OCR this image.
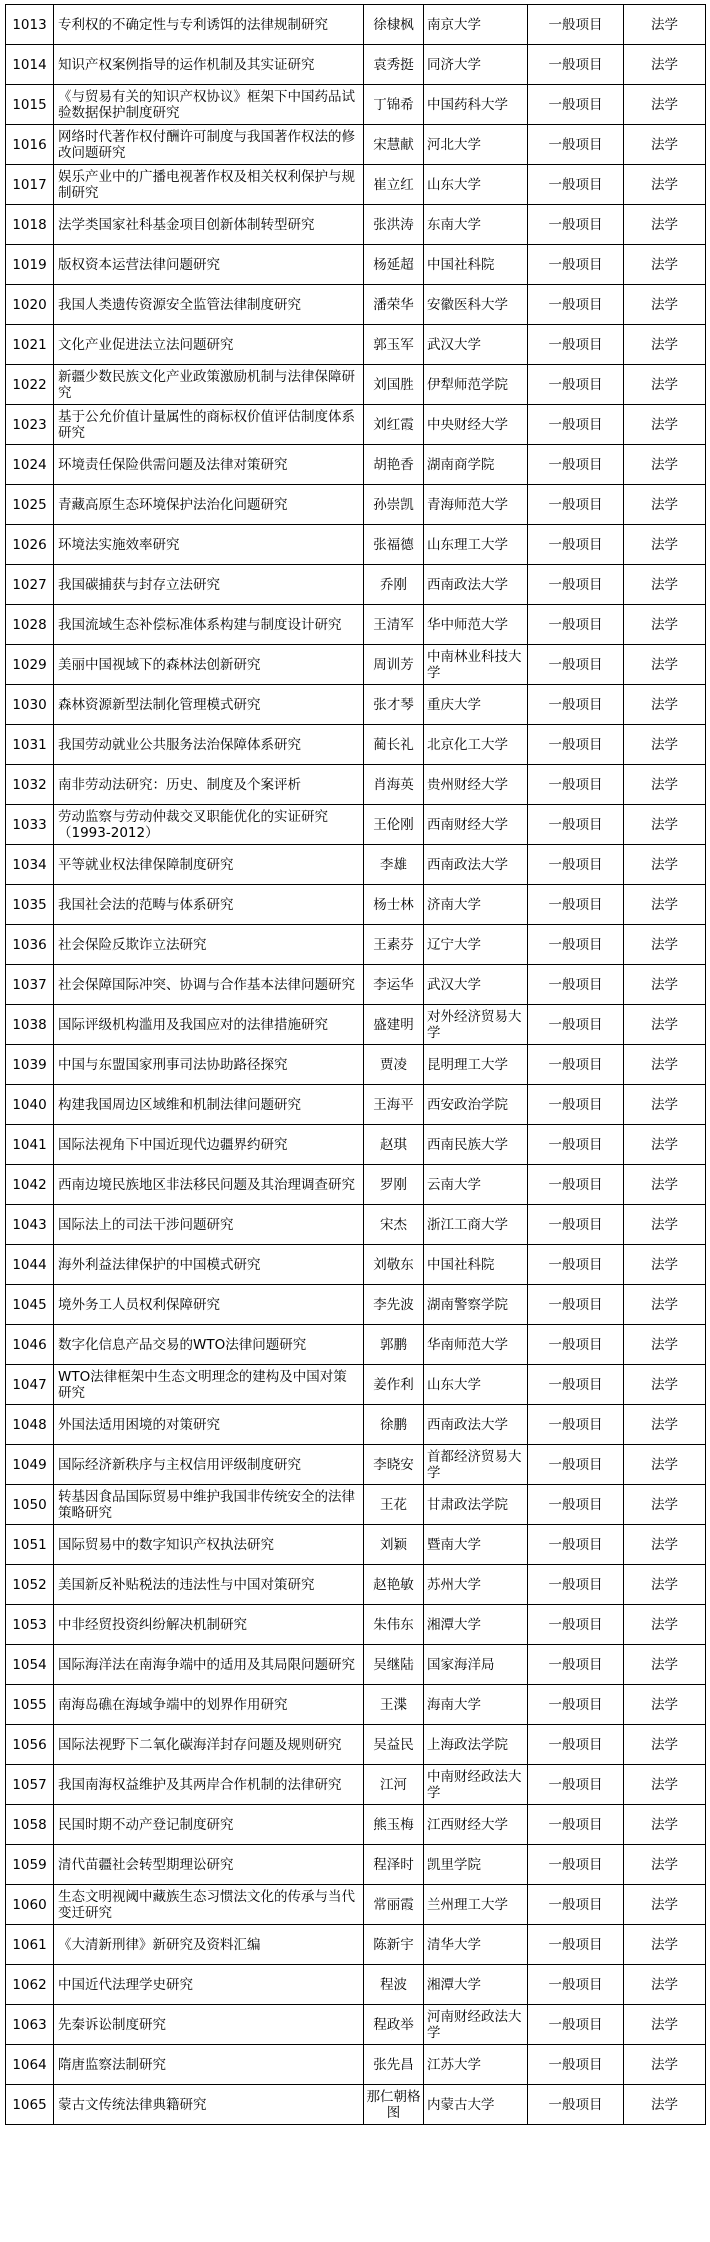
1013	专利权的不确定性与专利诱饵的法律规制研究	徐棣枫	南京大学	一般项目	法学
1014	知识产权案例指导的运作机制及其实证研究	袁秀挺	同济大学	一般项目	法学
1015	《与贸易有关的知识产权协议》框架下中国药品试验数据保护制度研究	丁锦希	中国药科大学	一般项目	法学
1016	网络时代著作权付酬许可制度与我国著作权法的修改问题研究	宋慧献	河北大学	一般项目	法学
1017	娱乐产业中的广播电视著作权及相关权利保护与规制研究	崔立红	山东大学	一般项目	法学
1018	法学类国家社科基金项目创新体制转型研究	张洪涛	东南大学	一般项目	法学
1019	版权资本运营法律问题研究	杨延超	中国社科院	一般项目	法学
1020	我国人类遗传资源安全监管法律制度研究	潘荣华	安徽医科大学	一般项目	法学
1021	文化产业促进法立法问题研究	郭玉军	武汉大学	一般项目	法学
1022	新疆少数民族文化产业政策激励机制与法律保障研究	刘国胜	伊犁师范学院	一般项目	法学
1023	基于公允价值计量属性的商标权价值评估制度体系研究	刘红霞	中央财经大学	一般项目	法学
1024	环境责任保险供需问题及法律对策研究	胡艳香	湖南商学院	一般项目	法学
1025	青藏高原生态环境保护法治化问题研究	孙崇凯	青海师范大学	一般项目	法学
1026	环境法实施效率研究	张福德	山东理工大学	一般项目	法学
1027	我国碳捕获与封存立法研究	乔刚	西南政法大学	一般项目	法学
1028	我国流域生态补偿标准体系构建与制度设计研究	王清军	华中师范大学	一般项目	法学
1029	美丽中国视域下的森林法创新研究	周训芳	中南林业科技大学	一般项目	法学
1030	森林资源新型法制化管理模式研究	张才琴	重庆大学	一般项目	法学
1031	我国劳动就业公共服务法治保障体系研究	蔺长礼	北京化工大学	一般项目	法学
1032	南非劳动法研究：历史、制度及个案评析	肖海英	贵州财经大学	一般项目	法学
1033	劳动监察与劳动仲裁交叉职能优化的实证研究（1993-2012）	王伦刚	西南财经大学	一般项目	法学
1034	平等就业权法律保障制度研究	李雄	西南政法大学	一般项目	法学
1035	我国社会法的范畴与体系研究	杨士林	济南大学	一般项目	法学
1036	社会保险反欺诈立法研究	王素芬	辽宁大学	一般项目	法学
1037	社会保障国际冲突、协调与合作基本法律问题研究	李运华	武汉大学	一般项目	法学
1038	国际评级机构滥用及我国应对的法律措施研究	盛建明	对外经济贸易大学	一般项目	法学
1039	中国与东盟国家刑事司法协助路径探究	贾凌	昆明理工大学	一般项目	法学
1040	构建我国周边区域维和机制法律问题研究	王海平	西安政治学院	一般项目	法学
1041	国际法视角下中国近现代边疆界约研究	赵琪	西南民族大学	一般项目	法学
1042	西南边境民族地区非法移民问题及其治理调查研究	罗刚	云南大学	一般项目	法学
1043	国际法上的司法干涉问题研究	宋杰	浙江工商大学	一般项目	法学
1044	海外利益法律保护的中国模式研究	刘敬东	中国社科院	一般项目	法学
1045	境外务工人员权利保障研究	李先波	湖南警察学院	一般项目	法学
1046	数字化信息产品交易的WTO法律问题研究	郭鹏	华南师范大学	一般项目	法学
1047	WTO法律框架中生态文明理念的建构及中国对策研究	姜作利	山东大学	一般项目	法学
1048	外国法适用困境的对策研究	徐鹏	西南政法大学	一般项目	法学
1049	国际经济新秩序与主权信用评级制度研究	李晓安	首都经济贸易大学	一般项目	法学
1050	转基因食品国际贸易中维护我国非传统安全的法律策略研究	王花	甘肃政法学院	一般项目	法学
1051	国际贸易中的数字知识产权执法研究	刘颖	暨南大学	一般项目	法学
1052	美国新反补贴税法的违法性与中国对策研究	赵艳敏	苏州大学	一般项目	法学
1053	中非经贸投资纠纷解决机制研究	朱伟东	湘潭大学	一般项目	法学
1054	国际海洋法在南海争端中的适用及其局限问题研究	吴继陆	国家海洋局	一般项目	法学
1055	南海岛礁在海域争端中的划界作用研究	王渫	海南大学	一般项目	法学
1056	国际法视野下二氧化碳海洋封存问题及规则研究	吴益民	上海政法学院	一般项目	法学
1057	我国南海权益维护及其两岸合作机制的法律研究	江河	中南财经政法大学	一般项目	法学
1058	民国时期不动产登记制度研究	熊玉梅	江西财经大学	一般项目	法学
1059	清代苗疆社会转型期理讼研究	程泽时	凯里学院	一般项目	法学
1060	生态文明视阈中藏族生态习惯法文化的传承与当代变迁研究	常丽霞	兰州理工大学	一般项目	法学
1061	《大清新刑律》新研究及资料汇编	陈新宇	清华大学	一般项目	法学
1062	中国近代法理学史研究	程波	湘潭大学	一般项目	法学
1063	先秦诉讼制度研究	程政举	河南财经政法大学	一般项目	法学
1064	隋唐监察法制研究	张先昌	江苏大学	一般项目	法学
1065	蒙古文传统法律典籍研究	那仁朝格图	内蒙古大学	一般项目	法学
